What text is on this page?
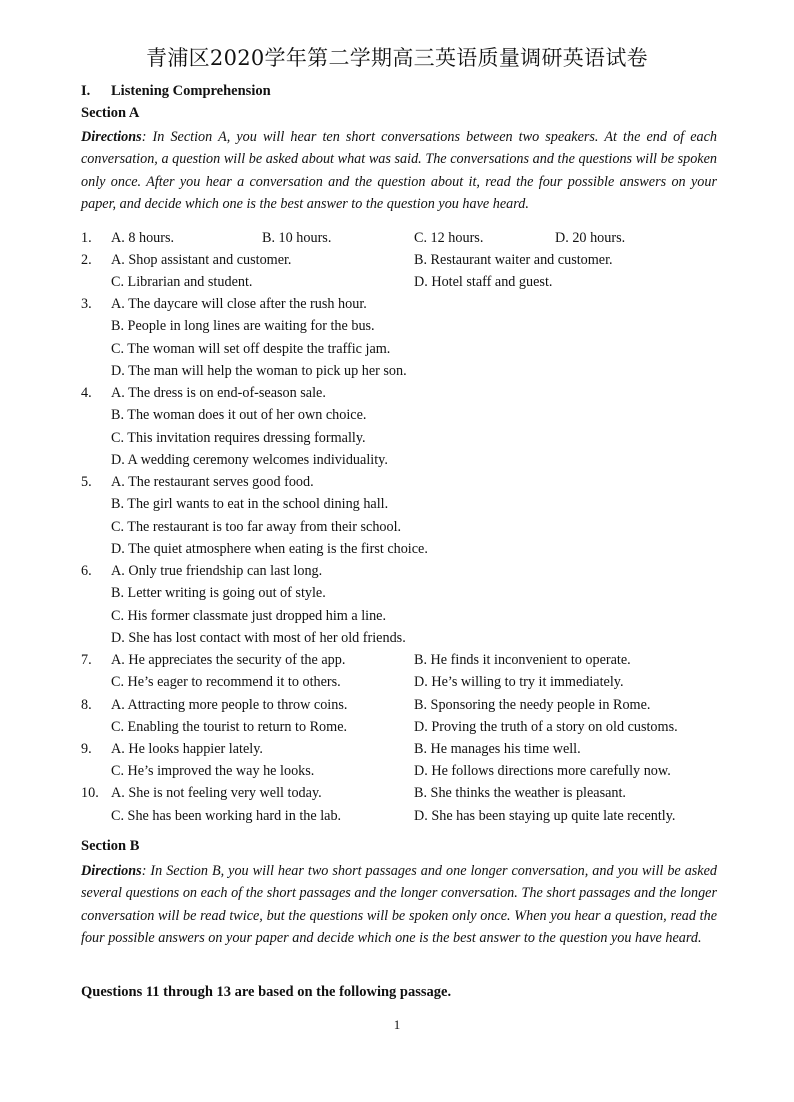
青浦区2020学年第二学期高三英语质量调研英语试卷
I. Listening Comprehension
Section A
Directions: In Section A, you will hear ten short conversations between two speakers. At the end of each conversation, a question will be asked about what was said. The conversations and the questions will be spoken only once. After you hear a conversation and the question about it, read the four possible answers on your paper, and decide which one is the best answer to the question you have heard.
1. A. 8 hours.	B. 10 hours.	C. 12 hours.	D. 20 hours.
2. A. Shop assistant and customer.	B. Restaurant waiter and customer.
C. Librarian and student.	D. Hotel staff and guest.
3. A. The daycare will close after the rush hour.
B. People in long lines are waiting for the bus.
C. The woman will set off despite the traffic jam.
D. The man will help the woman to pick up her son.
4. A. The dress is on end-of-season sale.
B. The woman does it out of her own choice.
C. This invitation requires dressing formally.
D. A wedding ceremony welcomes individuality.
5. A. The restaurant serves good food.
B. The girl wants to eat in the school dining hall.
C. The restaurant is too far away from their school.
D. The quiet atmosphere when eating is the first choice.
6. A. Only true friendship can last long.
B. Letter writing is going out of style.
C. His former classmate just dropped him a line.
D. She has lost contact with most of her old friends.
7. A. He appreciates the security of the app.	B. He finds it inconvenient to operate.
C. He’s eager to recommend it to others.	D. He’s willing to try it immediately.
8. A. Attracting more people to throw coins.	B. Sponsoring the needy people in Rome.
C. Enabling the tourist to return to Rome.	D. Proving the truth of a story on old customs.
9. A. He looks happier lately.	B. He manages his time well.
C. He’s improved the way he looks.	D. He follows directions more carefully now.
10. A. She is not feeling very well today.	B. She thinks the weather is pleasant.
C. She has been working hard in the lab.	D. She has been staying up quite late recently.
Section B
Directions: In Section B, you will hear two short passages and one longer conversation, and you will be asked several questions on each of the short passages and the longer conversation. The short passages and the longer conversation will be read twice, but the questions will be spoken only once. When you hear a question, read the four possible answers on your paper and decide which one is the best answer to the question you have heard.
Questions 11 through 13 are based on the following passage.
1
